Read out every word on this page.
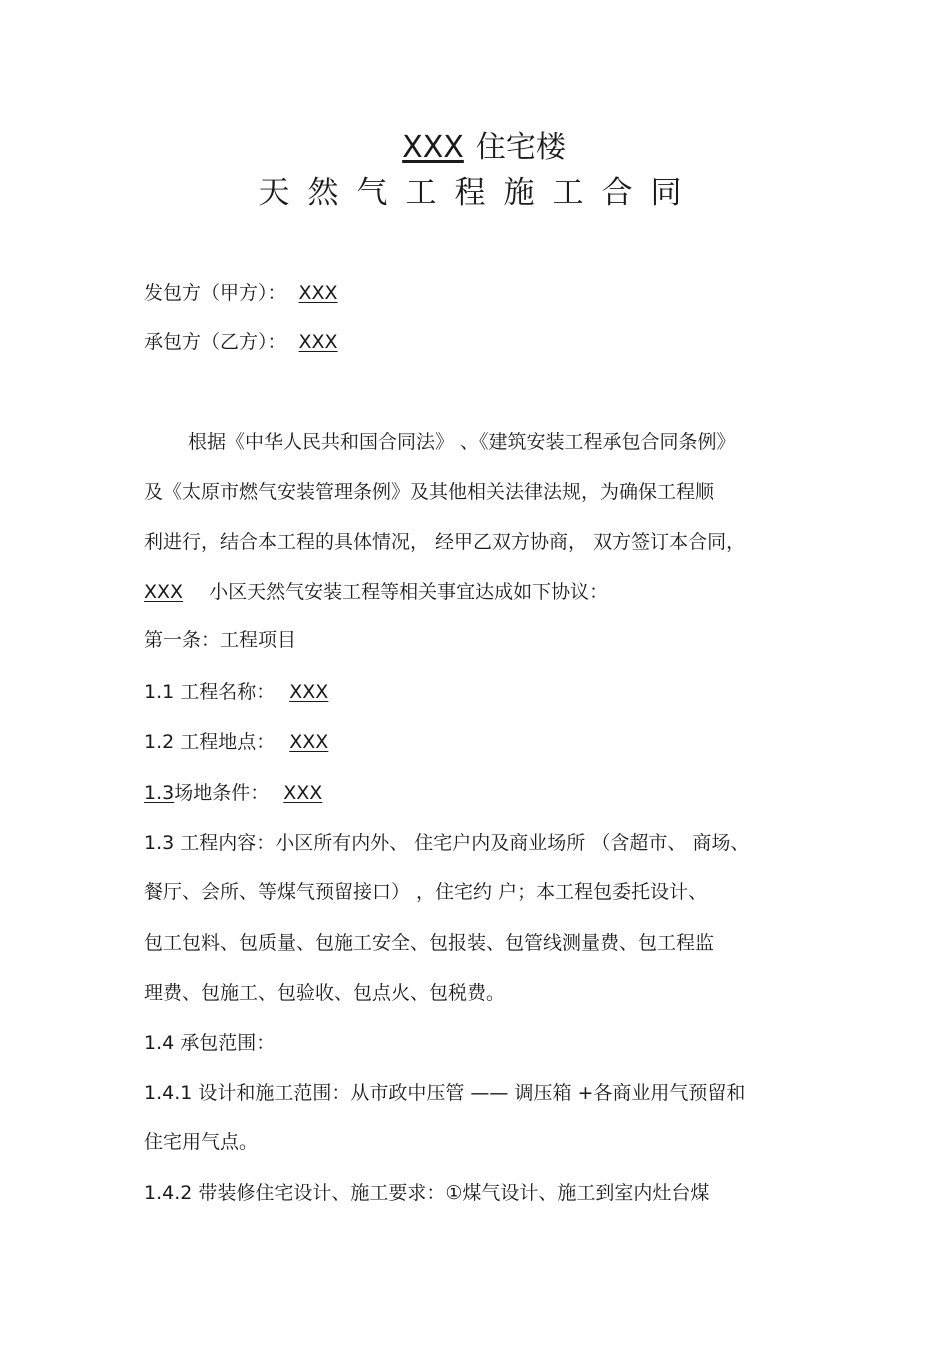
XXX 住宅楼
天然气工程施工合同
发包方（甲方）： XXX
承包方（乙方）： XXX
根据《中华人民共和国合同法》 、《建筑安装工程承包合同条例》
及《太原市燃气安装管理条例》及其他相关法律法规，为确保工程顺
利进行，结合本工程的具体情况， 经甲乙双方协商， 双方签订本合同，
XXX 小区天然气安装工程等相关事宜达成如下协议：
第一条：工程项目
1.1 工程名称： XXX
1.2 工程地点： XXX
1.3场地条件： XXX
1.3 工程内容：小区所有内外、 住宅户内及商业场所 （含超市、 商场、
餐厅、会所、等煤气预留接口） ，住宅约 户；本工程包委托设计、
包工包料、包质量、包施工安全、包报装、包管线测量费、包工程监
理费、包施工、包验收、包点火、包税费。
1.4 承包范围：
1.4.1 设计和施工范围：从市政中压管 —— 调压箱 +各商业用气预留和
住宅用气点。
1.4.2 带装修住宅设计、施工要求：①煤气设计、施工到室内灶台煤
